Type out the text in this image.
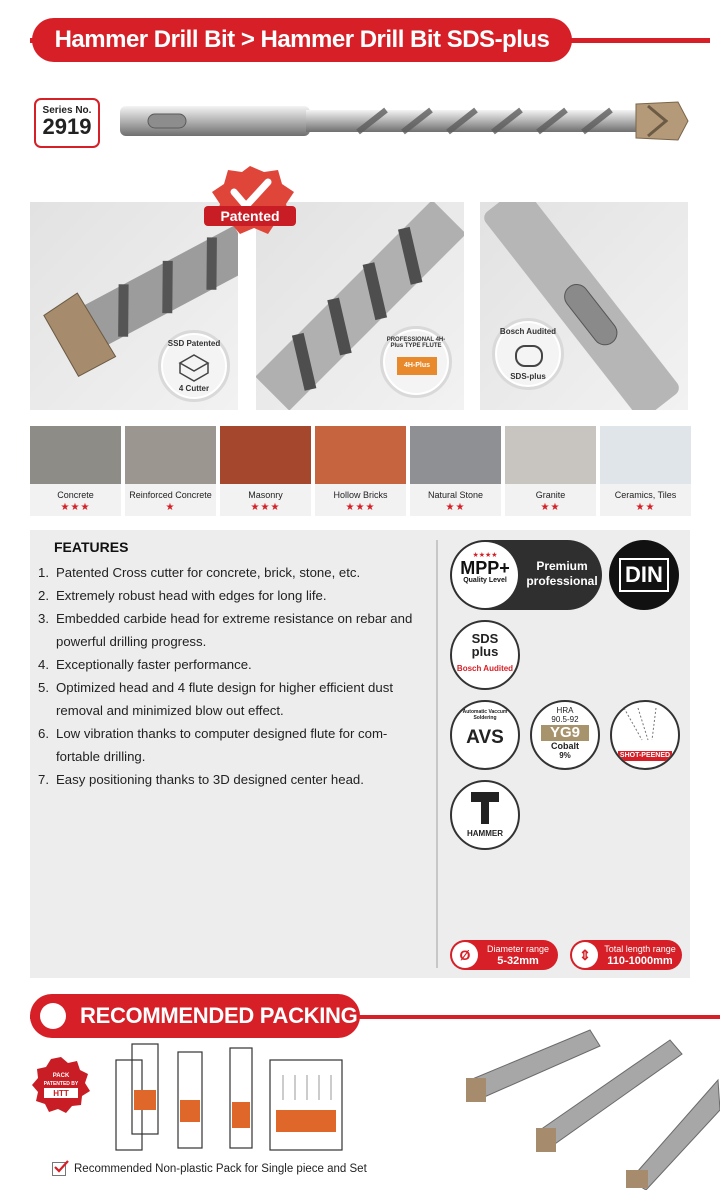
Hammer Drill Bit > Hammer Drill Bit SDS-plus
Series No.
2919
SSD Patented
4 Cutter
PROFESSIONAL 4H-Plus TYPE FLUTE
4H-Plus
Bosch Audited
SDS-plus
Patented
Concrete
★★★
Reinforced Concrete
★
Masonry
★★★
Hollow Bricks
★★★
Natural Stone
★★
Granite
★★
Ceramics, Tiles
★★
FEATURES
1. Patented Cross cutter for concrete, brick, stone, etc.
2. Extremely robust head with edges for long life.
3. Embedded carbide head for extreme resistance on rebar and powerful drilling progress.
4. Exceptionally faster performance.
5. Optimized head and 4 flute design for higher efficient dust removal and minimized blow out effect.
6. Low vibration thanks to computer designed flute for com-fortable drilling.
7. Easy positioning thanks to 3D designed center head.
★★★★
MPP+
Quality Level
Premium
professional DIN
SDS
plus
Bosch Audited
Automatic Vaccum Soldering
AVS
HRA
90.5-92
YG9
Cobalt
9%	SHOT-PEENED
HAMMER
Ø	Diameter range
5-32mm	⇕	Total length range
110-1000mm
RECOMMENDED PACKING
PACK
PATENTED BY
HTT
Recommended Non-plastic Pack for Single piece and Set
